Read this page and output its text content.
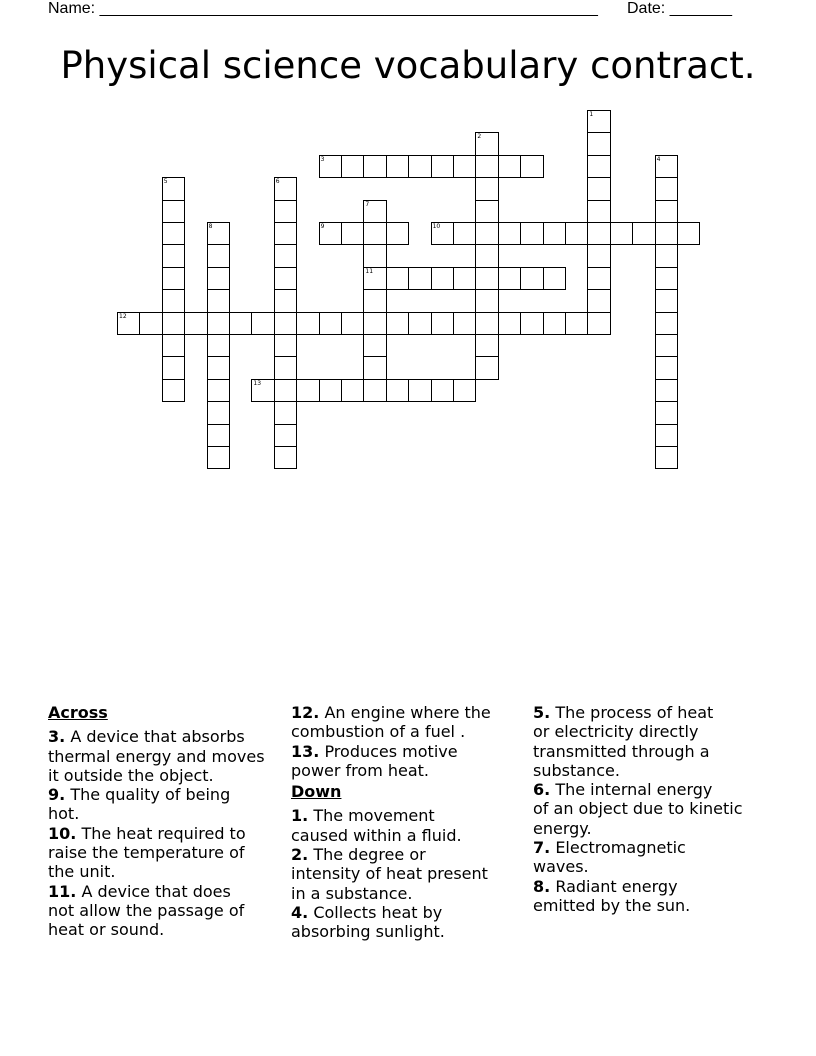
Name: ________________________________________________________ Date: _______
Physical science vocabulary contract.
1
2
3	4
5	6
7
11
8	9	10
12
13
Across
3. A device that absorbs
thermal energy and moves
it outside the object.
9. The quality of being
hot.
10. The heat required to
raise the temperature of
the unit.
11. A device that does
not allow the passage of
heat or sound.
12. An engine where the
combustion of a fuel .
13. Produces motive
power from heat.
Down
1. The movement
caused within a fluid.
2. The degree or
intensity of heat present
in a substance.
4. Collects heat by
absorbing sunlight.
5. The process of heat
or electricity directly
transmitted through a
substance.
6. The internal energy
of an object due to kinetic
energy.
7. Electromagnetic
waves.
8. Radiant energy
emitted by the sun.
